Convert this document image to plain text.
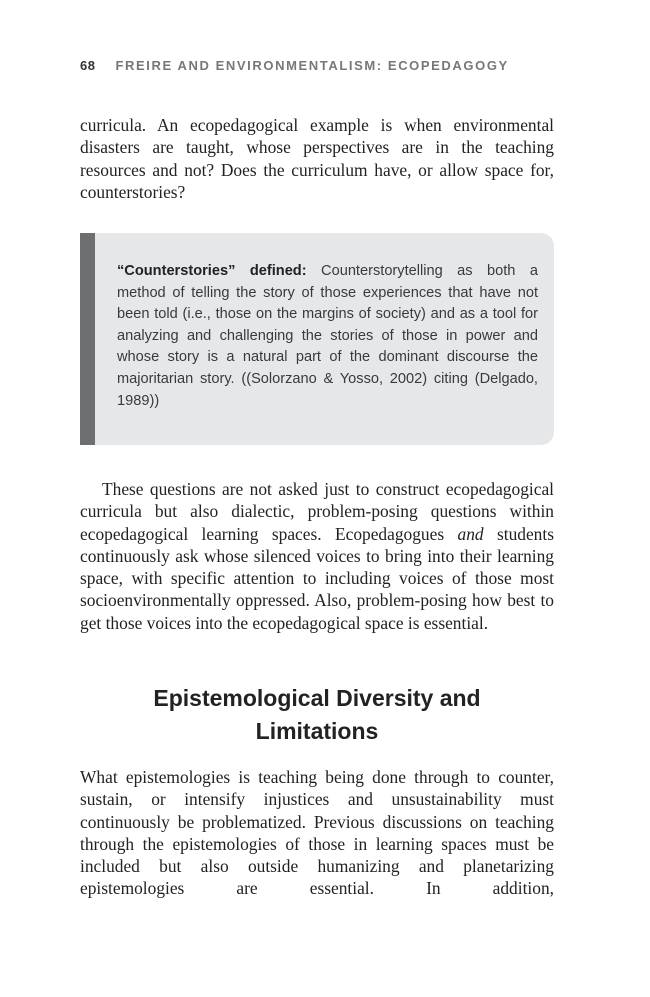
68 FREIRE AND ENVIRONMENTALISM: ECOPEDAGOGY

curricula. An ecopedagogical example is when environmental disasters are taught, whose perspectives are in the teaching resources and not? Does the curriculum have, or allow space for, counterstories?

“Counterstories” defined: Counterstorytelling as both a method of telling the story of those experiences that have not been told (i.e., those on the margins of society) and as a tool for analyzing and challenging the stories of those in power and whose story is a natural part of the dominant discourse the majoritarian story. ((Solorzano & Yosso, 2002) citing (Delgado, 1989))

These questions are not asked just to construct ecopedagogical curricula but also dialectic, problem-posing questions within ecopedagogical learning spaces. Ecopedagogues and students continuously ask whose silenced voices to bring into their learning space, with specific attention to including voices of those most socioenvironmentally oppressed. Also, problem-posing how best to get those voices into the ecopedagogical space is essential.

Epistemological Diversity and
Limitations

What epistemologies is teaching being done through to counter, sustain, or intensify injustices and unsustainability must continuously be problematized. Previous discussions on teaching through the epistemologies of those in learning spaces must be included but also outside humanizing and planetarizing epistemologies are essential. In addition,
